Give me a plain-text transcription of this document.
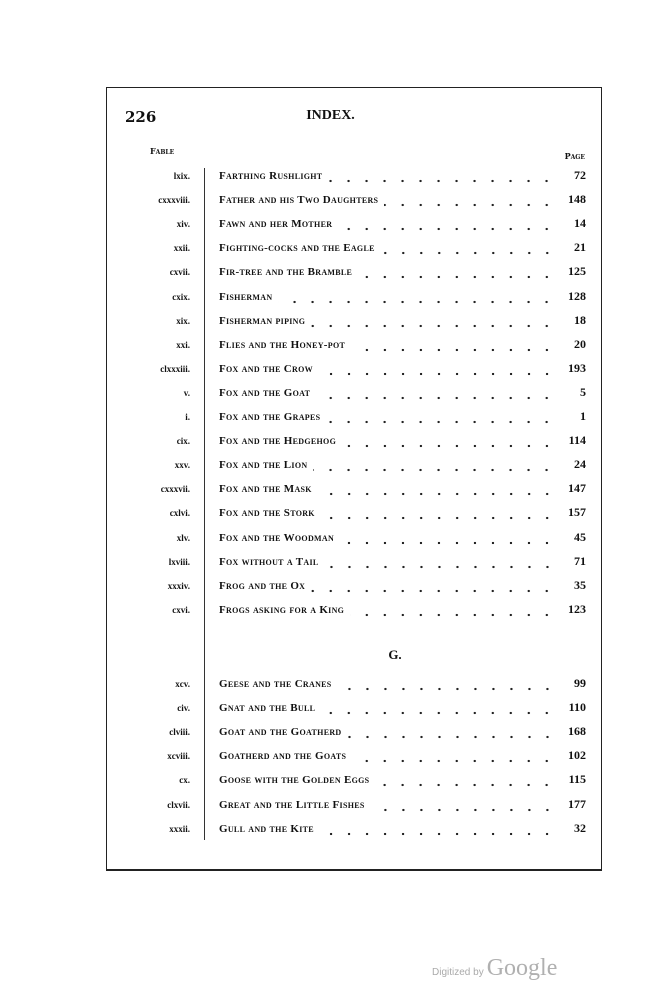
226	INDEX.
Fable	Page
lxix.	Farthing Rushlight	72
cxxxviii.	Father and his Two Daughters	148
xiv.	Fawn and her Mother	14
xxii.	Fighting-cocks and the Eagle	21
cxvii.	Fir-tree and the Bramble	125
cxix.	Fisherman	128
xix.	Fisherman piping	18
xxi.	Flies and the Honey-pot	20
clxxxiii.	Fox and the Crow	193
v.	Fox and the Goat	5
i.	Fox and the Grapes	1
cix.	Fox and the Hedgehog	114
xxv.	Fox and the Lion	24
cxxxvii.	Fox and the Mask	147
cxlvi.	Fox and the Stork	157
xlv.	Fox and the Woodman	45
lxviii.	Fox without a Tail	71
xxxiv.	Frog and the Ox	35
cxvi.	Frogs asking for a King	123
G.
xcv.	Geese and the Cranes	99
civ.	Gnat and the Bull	110
clviii.	Goat and the Goatherd	168
xcviii.	Goatherd and the Goats	102
cx.	Goose with the Golden Eggs	115
clxvii.	Great and the Little Fishes	177
xxxii.	Gull and the Kite	32
Digitized by Google
